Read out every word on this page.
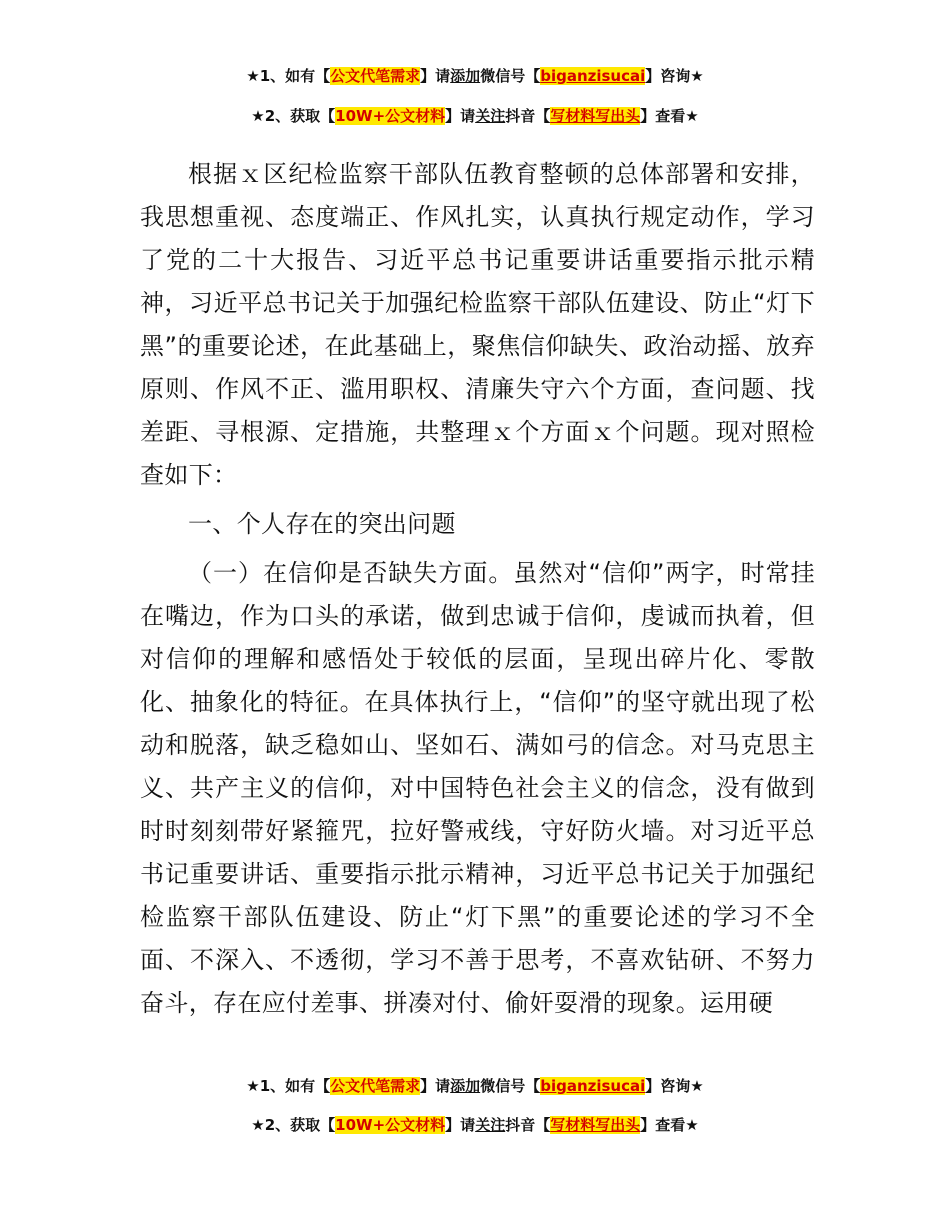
★1、如有【公文代笔需求】请添加微信号【biganzisucai】咨询★
★2、获取【10W+公文材料】请关注抖音【写材料写出头】查看★

根据ｘ区纪检监察干部队伍教育整顿的总体部署和安排，我思想重视、态度端正、作风扎实，认真执行规定动作，学习了党的二十大报告、习近平总书记重要讲话重要指示批示精神，习近平总书记关于加强纪检监察干部队伍建设、防止“灯下黑”的重要论述，在此基础上，聚焦信仰缺失、政治动摇、放弃原则、作风不正、滥用职权、清廉失守六个方面，查问题、找差距、寻根源、定措施，共整理ｘ个方面ｘ个问题。现对照检查如下：

一、个人存在的突出问题

（一）在信仰是否缺失方面。虽然对“信仰”两字，时常挂在嘴边，作为口头的承诺，做到忠诚于信仰，虔诚而执着，但对信仰的理解和感悟处于较低的层面，呈现出碎片化、零散化、抽象化的特征。在具体执行上，“信仰”的坚守就出现了松动和脱落，缺乏稳如山、坚如石、满如弓的信念。对马克思主义、共产主义的信仰，对中国特色社会主义的信念，没有做到时时刻刻带好紧箍咒，拉好警戒线，守好防火墙。对习近平总书记重要讲话、重要指示批示精神，习近平总书记关于加强纪检监察干部队伍建设、防止“灯下黑”的重要论述的学习不全面、不深入、不透彻，学习不善于思考，不喜欢钻研、不努力奋斗，存在应付差事、拼凑对付、偷奸耍滑的现象。运用硬

★1、如有【公文代笔需求】请添加微信号【biganzisucai】咨询★
★2、获取【10W+公文材料】请关注抖音【写材料写出头】查看★
